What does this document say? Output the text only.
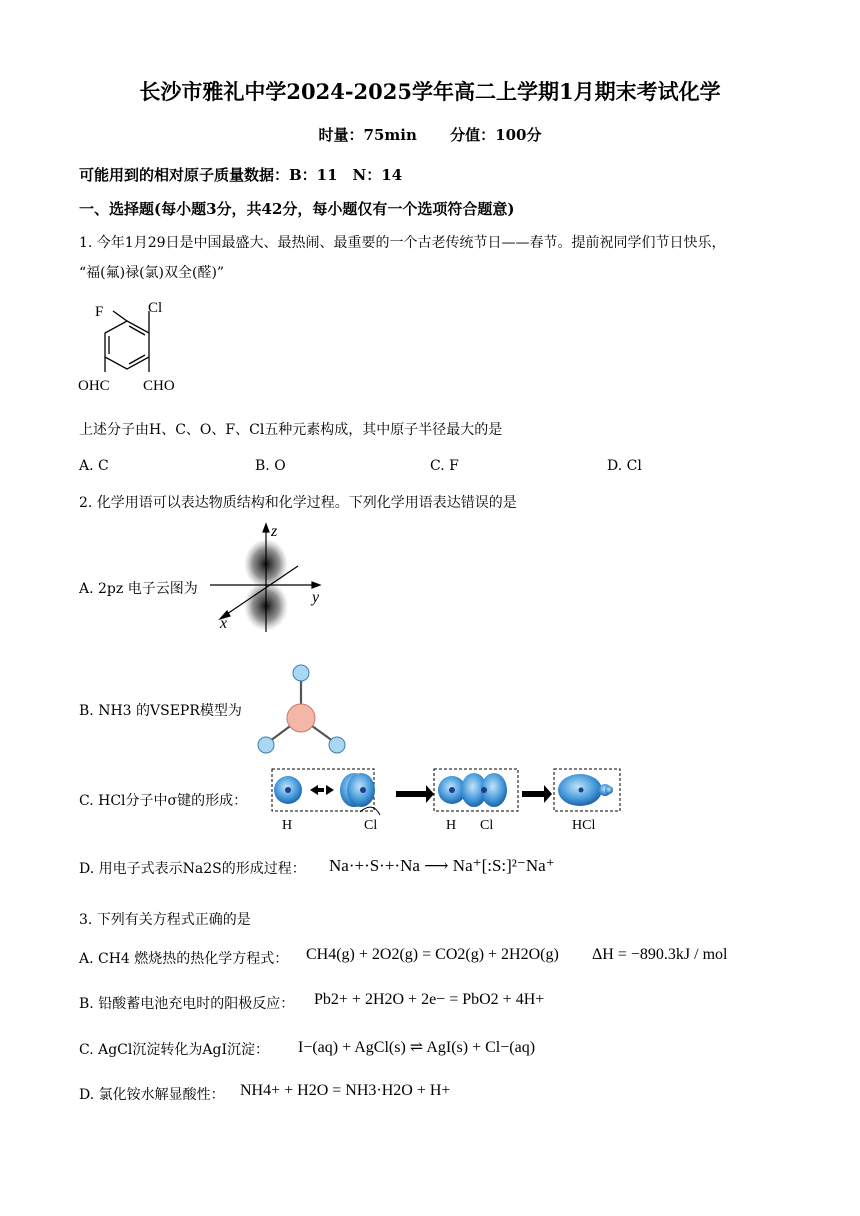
长沙市雅礼中学2024-2025学年高二上学期1月期末考试化学
时量：75min 分值：100分
可能用到的相对原子质量数据：B：11　N：14
一、选择题(每小题3分，共42分，每小题仅有一个选项符合题意)
1. 今年1月29日是中国最盛大、最热闹、最重要的一个古老传统节日——春节。提前祝同学们节日快乐，
“福(氟)禄(氯)双全(醛)”
F	Cl
OHC CHO
上述分子由H、C、O、F、Cl五种元素构成，其中原子半径最大的是
A. C	B. O	C. F	D. Cl
2. 化学用语可以表达物质结构和化学过程。下列化学用语表达错误的是
A. 2pz 电子云图为
z
y
x
B. NH3 的VSEPR模型为
C. HCl分子中σ键的形成：
H	Cl	H Cl	HCl
D. 用电子式表示Na2S的形成过程： Na·+·S·+·Na ⟶ Na⁺[:S:]²⁻Na⁺
3. 下列有关方程式正确的是
A. CH4 燃烧热的热化学方程式： CH4(g) + 2O2(g) = CO2(g) + 2H2O(g) ΔH = −890.3kJ / mol
B. 铅酸蓄电池充电时的阳极反应： Pb2+ + 2H2O + 2e− = PbO2 + 4H+
C. AgCl沉淀转化为AgI沉淀： I−(aq) + AgCl(s) ⇌ AgI(s) + Cl−(aq)
D. 氯化铵水解显酸性： NH4+ + H2O = NH3·H2O + H+
